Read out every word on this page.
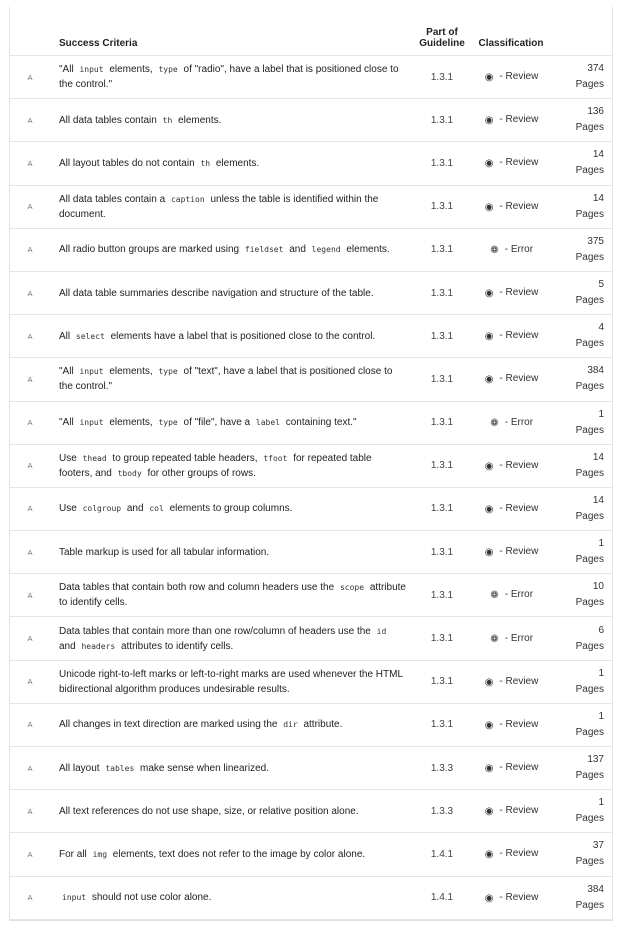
	Success Criteria	Part of Guideline	Classification	
A	"All input elements, type of "radio", have a label that is positioned close to the control."	1.3.1	◉ - Review	374
Pages

A	All data tables contain th elements.	1.3.1	◉ - Review	136
Pages

A	All layout tables do not contain th elements.	1.3.1	◉ - Review	14
Pages

A	All data tables contain a caption unless the table is identified within the document.	1.3.1	◉ - Review	14
Pages

A	All radio button groups are marked using fieldset and legend elements.	1.3.1	❁ - Error	375
Pages

A	All data table summaries describe navigation and structure of the table.	1.3.1	◉ - Review	5
Pages

A	All select elements have a label that is positioned close to the control.	1.3.1	◉ - Review	4
Pages

A	"All input elements, type of "text", have a label that is positioned close to the control."	1.3.1	◉ - Review	384
Pages

A	"All input elements, type of "file", have a label containing text."	1.3.1	❁ - Error	1
Pages

A	Use thead to group repeated table headers, tfoot for repeated table footers, and tbody for other groups of rows.	1.3.1	◉ - Review	14
Pages

A	Use colgroup and col elements to group columns.	1.3.1	◉ - Review	14
Pages

A	Table markup is used for all tabular information.	1.3.1	◉ - Review	1
Pages

A	Data tables that contain both row and column headers use the scope attribute to identify cells.	1.3.1	❁ - Error	10
Pages

A	Data tables that contain more than one row/column of headers use the id and headers attributes to identify cells.	1.3.1	❁ - Error	6
Pages

A	Unicode right-to-left marks or left-to-right marks are used whenever the HTML bidirectional algorithm produces undesirable results.	1.3.1	◉ - Review	1
Pages

A	All changes in text direction are marked using the dir attribute.	1.3.1	◉ - Review	1
Pages

A	All layout tables make sense when linearized.	1.3.3	◉ - Review	137
Pages

A	All text references do not use shape, size, or relative position alone.	1.3.3	◉ - Review	1
Pages

A	For all img elements, text does not refer to the image by color alone.	1.4.1	◉ - Review	37
Pages

A	input should not use color alone.	1.4.1	◉ - Review	384
Pages
